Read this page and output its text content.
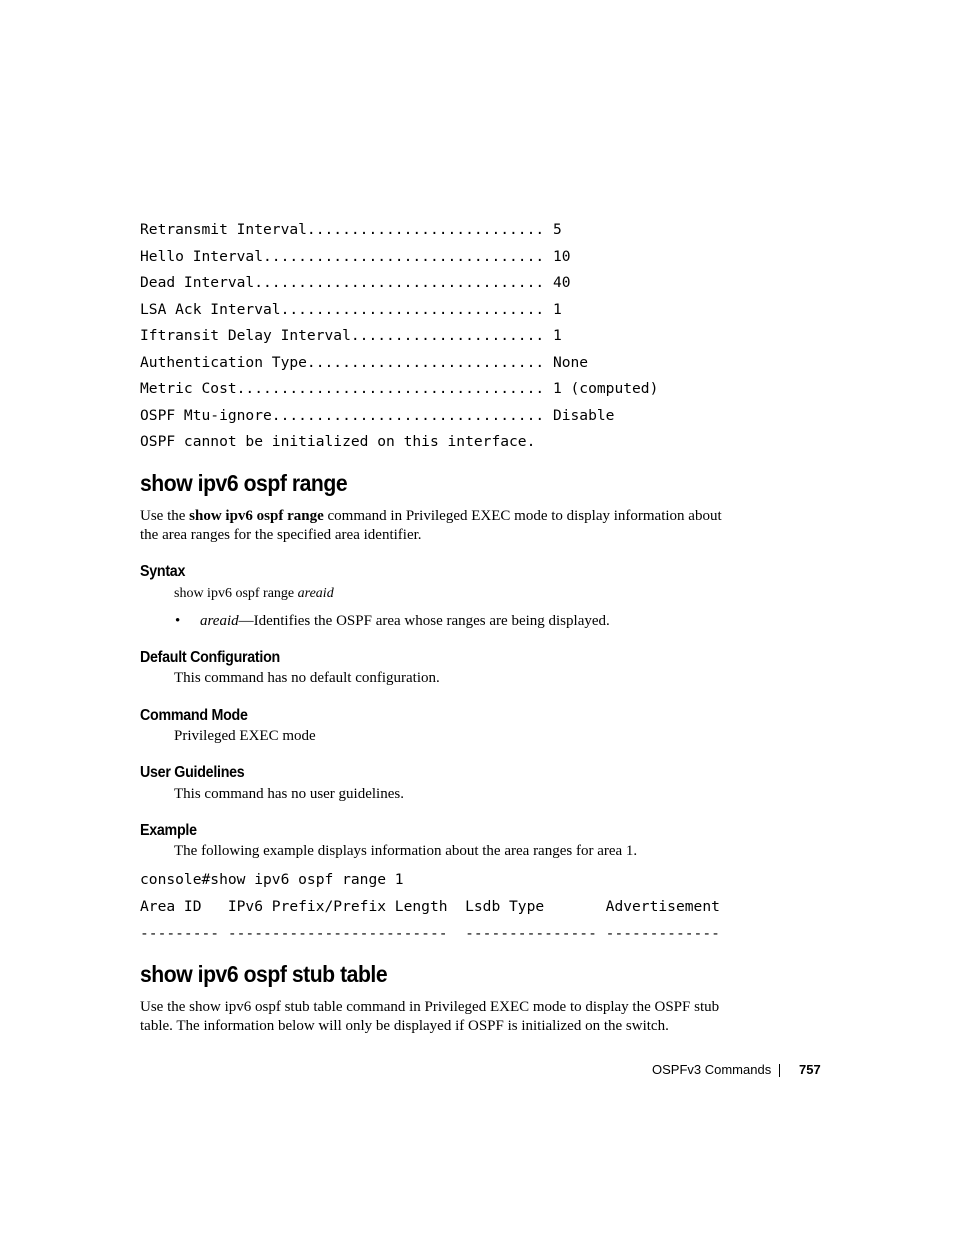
Retransmit Interval........................... 5
Hello Interval................................ 10
Dead Interval................................. 40
LSA Ack Interval.............................. 1
Iftransit Delay Interval...................... 1
Authentication Type........................... None
Metric Cost................................... 1 (computed)
OSPF Mtu-ignore............................... Disable
OSPF cannot be initialized on this interface.
show ipv6 ospf range
Use the show ipv6 ospf range command in Privileged EXEC mode to display information about
the area ranges for the specified area identifier.
Syntax
show ipv6 ospf range areaid
• areaid—Identifies the OSPF area whose ranges are being displayed.
Default Configuration
This command has no default configuration.
Command Mode
Privileged EXEC mode
User Guidelines
This command has no user guidelines.
Example
The following example displays information about the area ranges for area 1.
console#show ipv6 ospf range 1
Area ID   IPv6 Prefix/Prefix Length  Lsdb Type       Advertisement
--------- -------------------------  --------------- -------------
show ipv6 ospf stub table
Use the show ipv6 ospf stub table command in Privileged EXEC mode to display the OSPF stub
table. The information below will only be displayed if OSPF is initialized on the switch.
OSPFv3 Commands 757
